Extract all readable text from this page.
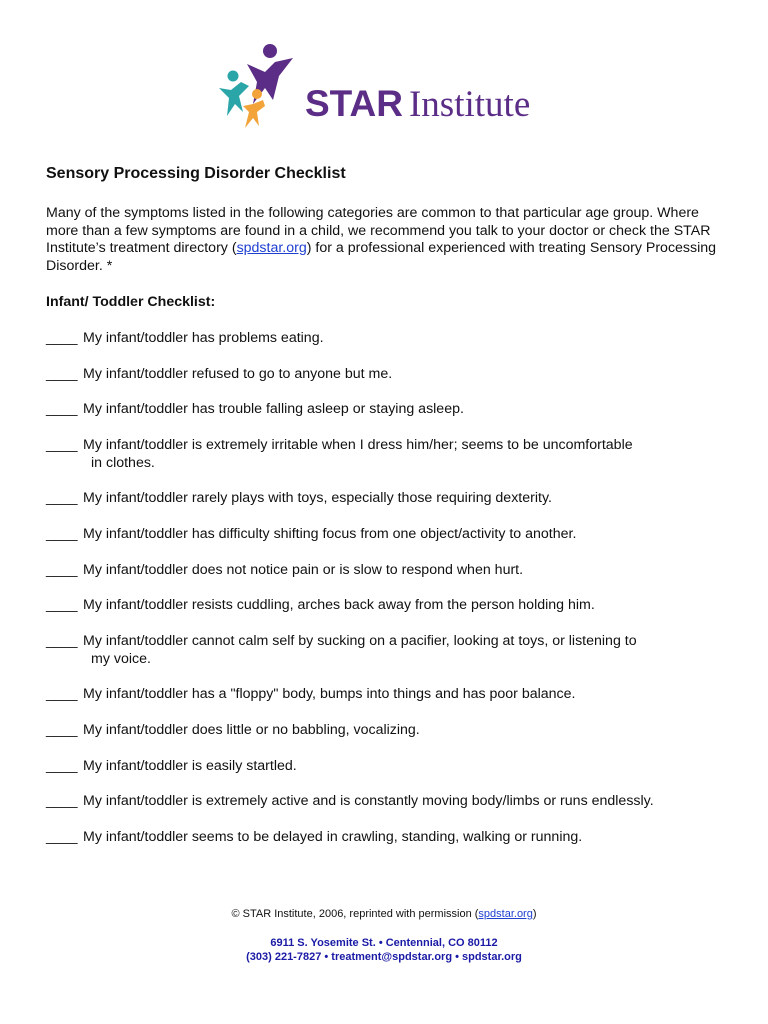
STAR Institute
Sensory Processing Disorder Checklist
Many of the symptoms listed in the following categories are common to that particular age group. Where more than a few symptoms are found in a child, we recommend you talk to your doctor or check the STAR Institute’s treatment directory (spdstar.org) for a professional experienced with treating Sensory Processing Disorder. *
Infant/ Toddler Checklist:
____ My infant/toddler has problems eating.
____ My infant/toddler refused to go to anyone but me.
____ My infant/toddler has trouble falling asleep or staying asleep.
____ My infant/toddler is extremely irritable when I dress him/her; seems to be uncomfortable
in clothes.
____ My infant/toddler rarely plays with toys, especially those requiring dexterity.
____ My infant/toddler has difficulty shifting focus from one object/activity to another.
____ My infant/toddler does not notice pain or is slow to respond when hurt.
____ My infant/toddler resists cuddling, arches back away from the person holding him.
____ My infant/toddler cannot calm self by sucking on a pacifier, looking at toys, or listening to
my voice.
____ My infant/toddler has a "floppy" body, bumps into things and has poor balance.
____ My infant/toddler does little or no babbling, vocalizing.
____ My infant/toddler is easily startled.
____ My infant/toddler is extremely active and is constantly moving body/limbs or runs endlessly.
____ My infant/toddler seems to be delayed in crawling, standing, walking or running.
© STAR Institute, 2006, reprinted with permission (spdstar.org)
6911 S. Yosemite St. • Centennial, CO 80112
(303) 221-7827 • treatment@spdstar.org • spdstar.org
